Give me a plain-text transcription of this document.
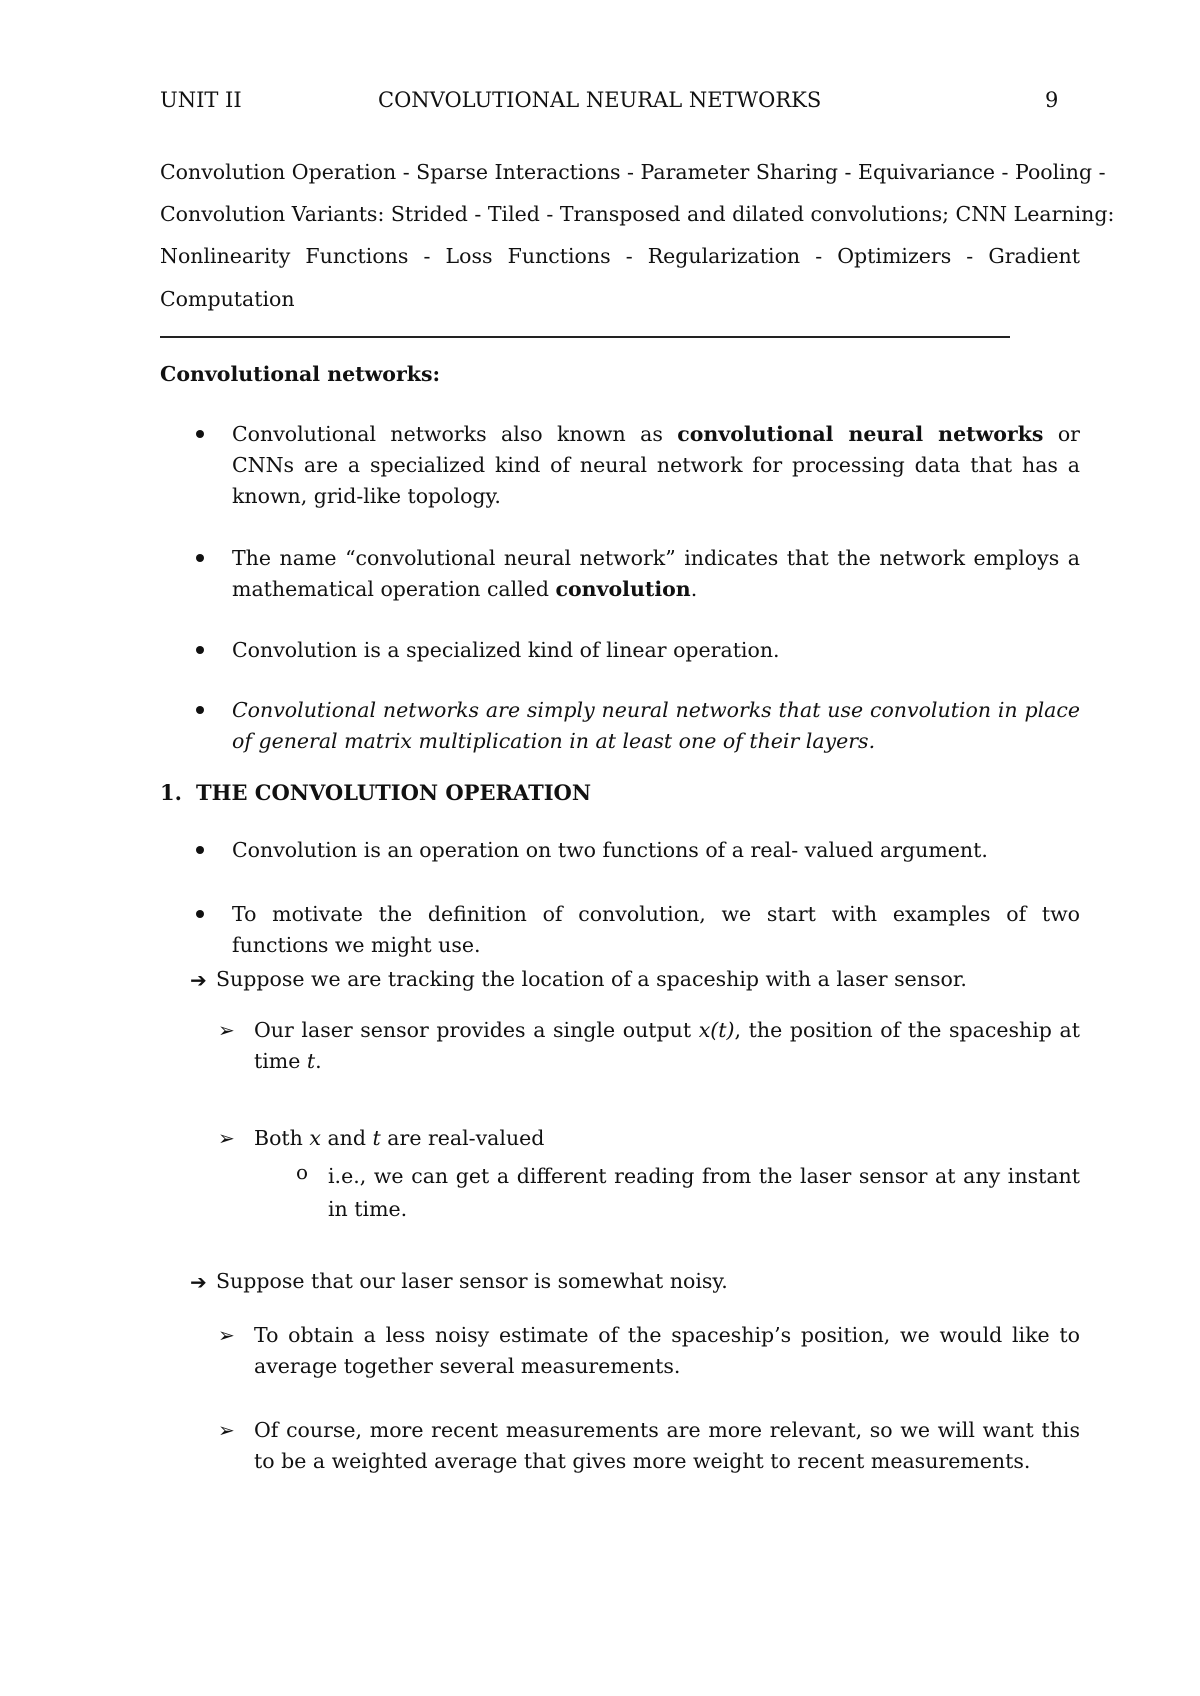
UNIT II	CONVOLUTIONAL NEURAL NETWORKS	9
Convolution Operation - Sparse Interactions - Parameter Sharing - Equivariance - Pooling -
Convolution Variants: Strided - Tiled - Transposed and dilated convolutions; CNN Learning:
Nonlinearity Functions - Loss Functions - Regularization - Optimizers - Gradient
Computation
Convolutional networks:
Convolutional networks also known as convolutional neural networks or CNNs are a specialized kind of neural network for processing data that has a known, grid-like topology.
The name “convolutional neural network” indicates that the network employs a mathematical operation called convolution.
Convolution is a specialized kind of linear operation.
Convolutional networks are simply neural networks that use convolution in place of general matrix multiplication in at least one of their layers.
1. THE CONVOLUTION OPERATION
Convolution is an operation on two functions of a real- valued argument.
To motivate the definition of convolution, we start with examples of two functions we might use.
➔ Suppose we are tracking the location of a spaceship with a laser sensor.
➢ Our laser sensor provides a single output x(t), the position of the spaceship at time t.
➢ Both x and t are real-valued
o i.e., we can get a different reading from the laser sensor at any instant in time.
➔ Suppose that our laser sensor is somewhat noisy.
➢ To obtain a less noisy estimate of the spaceship’s position, we would like to average together several measurements.
➢ Of course, more recent measurements are more relevant, so we will want this to be a weighted average that gives more weight to recent measurements.
